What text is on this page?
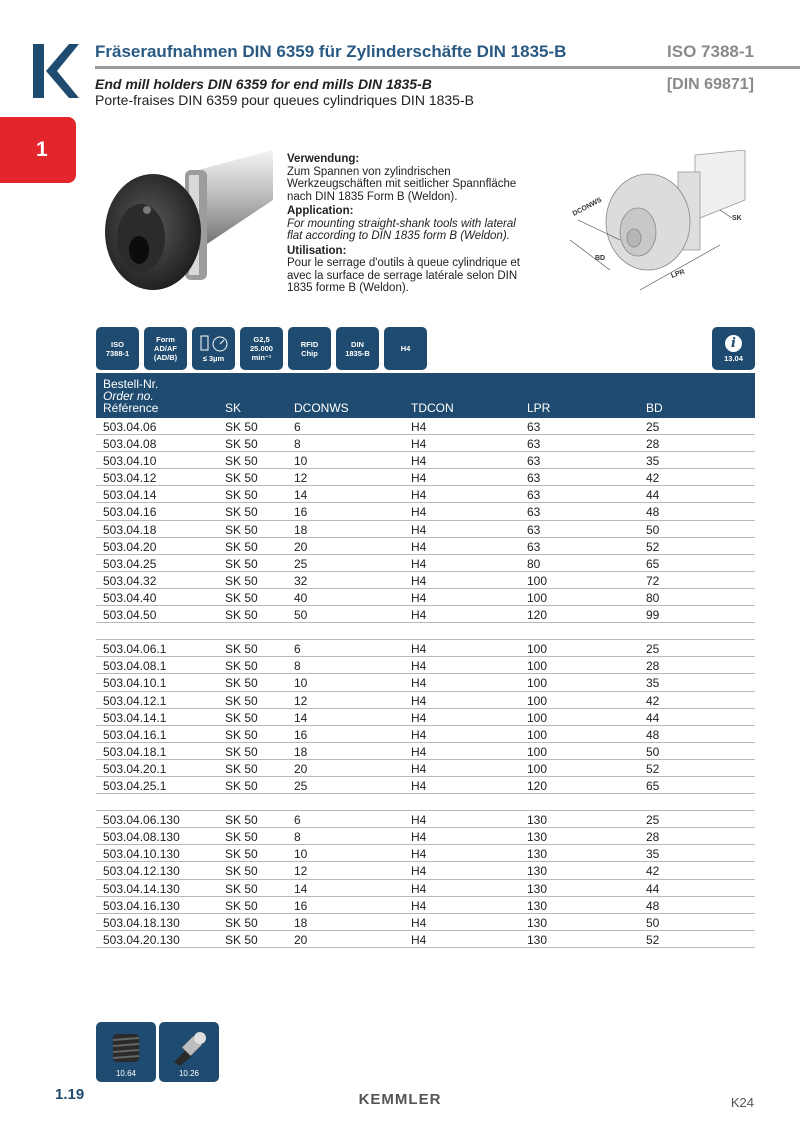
Fräseraufnahmen DIN 6359 für Zylinderschäfte DIN 1835-B	ISO 7388-1
End mill holders DIN 6359 for end mills DIN 1835-B
Porte-fraises DIN 6359 pour queues cylindriques DIN 1835-B
[DIN 69871]
1	Verwendung:
Zum Spannen von zylindrischen Werkzeugschäften mit seitlicher Spannfläche nach DIN 1835 Form B (Weldon).
Application:
For mounting straight-shank tools with lateral flat according to DIN 1835 form B (Weldon).
Utilisation:
Pour le serrage d'outils à queue cylindrique et avec la surface de serrage latérale selon DIN 1835 forme B (Weldon).
DCONWS
BD
LPR
SK
ISO
7388-1
Form
AD/AF
(AD/B)	≤ 3µm
G2,5
25.000
min⁻¹
RFID
Chip
DIN
1835-B	H4	i
13.04
Bestell-Nr.
Order no.
Référence	SK	DCONWS	TDCON	LPR	BD
503.04.06	SK 50	6	H4	63	25
503.04.08	SK 50	8	H4	63	28
503.04.10	SK 50	10	H4	63	35
503.04.12	SK 50	12	H4	63	42
503.04.14	SK 50	14	H4	63	44
503.04.16	SK 50	16	H4	63	48
503.04.18	SK 50	18	H4	63	50
503.04.20	SK 50	20	H4	63	52
503.04.25	SK 50	25	H4	80	65
503.04.32	SK 50	32	H4	100	72
503.04.40	SK 50	40	H4	100	80
503.04.50	SK 50	50	H4	120	99
503.04.06.1	SK 50	6	H4	100	25
503.04.08.1	SK 50	8	H4	100	28
503.04.10.1	SK 50	10	H4	100	35
503.04.12.1	SK 50	12	H4	100	42
503.04.14.1	SK 50	14	H4	100	44
503.04.16.1	SK 50	16	H4	100	48
503.04.18.1	SK 50	18	H4	100	50
503.04.20.1	SK 50	20	H4	100	52
503.04.25.1	SK 50	25	H4	120	65
503.04.06.130	SK 50	6	H4	130	25
503.04.08.130	SK 50	8	H4	130	28
503.04.10.130	SK 50	10	H4	130	35
503.04.12.130	SK 50	12	H4	130	42
503.04.14.130	SK 50	14	H4	130	44
503.04.16.130	SK 50	16	H4	130	48
503.04.18.130	SK 50	18	H4	130	50
503.04.20.130	SK 50	20	H4	130	52
10.64	10.26
1.19	KEMMLER	K24
